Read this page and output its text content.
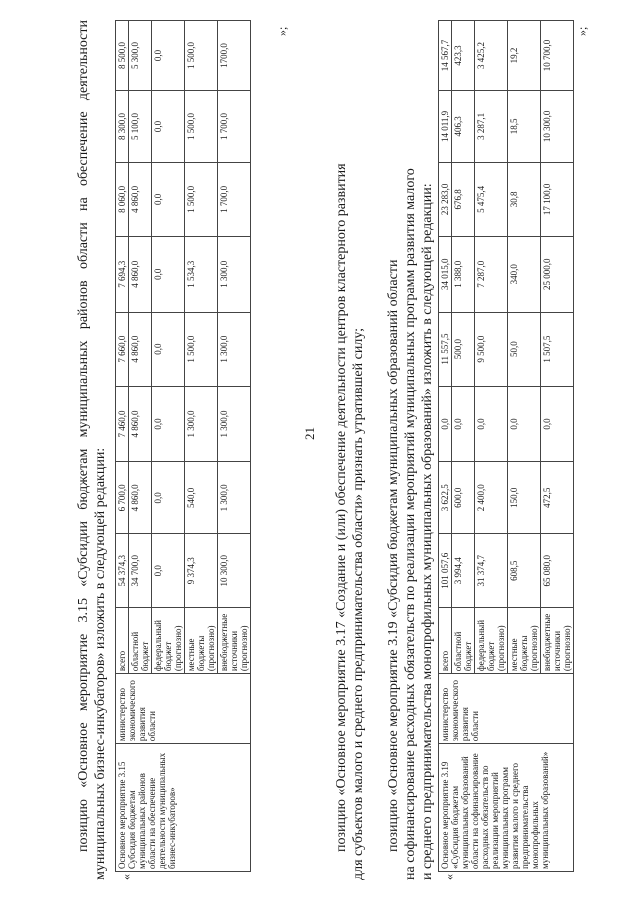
21

позицию «Основное мероприятие 3.15 «Субсидии бюджетам муниципальных районов области на обеспечение деятельности муниципальных бизнес-инкубаторов» изложить в следующей редакции: «
Основное мероприятие 3.15 Субсидия бюджетам муниципальных районов области на обеспечение деятельности муниципальных бизнес-инкубаторов»	министерство экономического развития области	всего	54 374,3	6 700,0	7 460,0	7 660,0	7 694,3	8 060,0	8 300,0	8 500,0
		областной бюджет	34 700,0	4 860,0	4 860,0	4 860,0	4 860,0	4 860,0	5 100,0	5 300,0
		федеральный бюджет (прогнозно)	0,0	0,0	0,0	0,0	0,0	0,0	0,0	0,0
		местные бюджеты (прогнозно)	9 374,3	540,0	1 300,0	1 500,0	1 534,3	1 500,0	1 500,0	1 500,0
		внебюджетные источники (прогнозно)	10 300,0	1 300,0	1 300,0	1 300,0	1 300,0	1 700,0	1 700,0	1700,0
»;

позицию «Основное мероприятие 3.17 «Создание и (или) обеспечение деятельности центров кластерного развития для субъектов малого и среднего предпринимательства области» признать утратившей силу; позицию «Основное мероприятие 3.19 «Субсидия бюджетам муниципальных образований области на софинансирование расходных обязательств по реализации мероприятий муниципальных программ развития малого и среднего предпринимательства монопрофильных муниципальных образований» изложить в следующей редакции: «
Основное мероприятие 3.19 «Субсидия бюджетам муниципальных образований области на софинансирование расходных обязательств по реализации мероприятий муниципальных программ развития малого и среднего предпринимательства монопрофильных муниципальных образований»	министерство экономического развития области	всего	101 057,6	3 622,5	0,0	11 557,5	34 015,0	23 283,0	14 011,9	14 567,7
		областной бюджет	3 994,4	600,0	0,0	500,0	1 388,0	676,8	406,3	423,3
		федеральный бюджет (прогнозно)	31 374,7	2 400,0	0,0	9 500,0	7 287,0	5 475,4	3 287,1	3 425,2
		местные бюджеты (прогнозно)	608,5	150,0	0,0	50,0	340,0	30,8	18,5	19,2
		внебюджетные источники (прогнозно)	65 080,0	472,5	0,0	1 507,5	25 000,0	17 100,0	10 300,0	10 700,0
»;
